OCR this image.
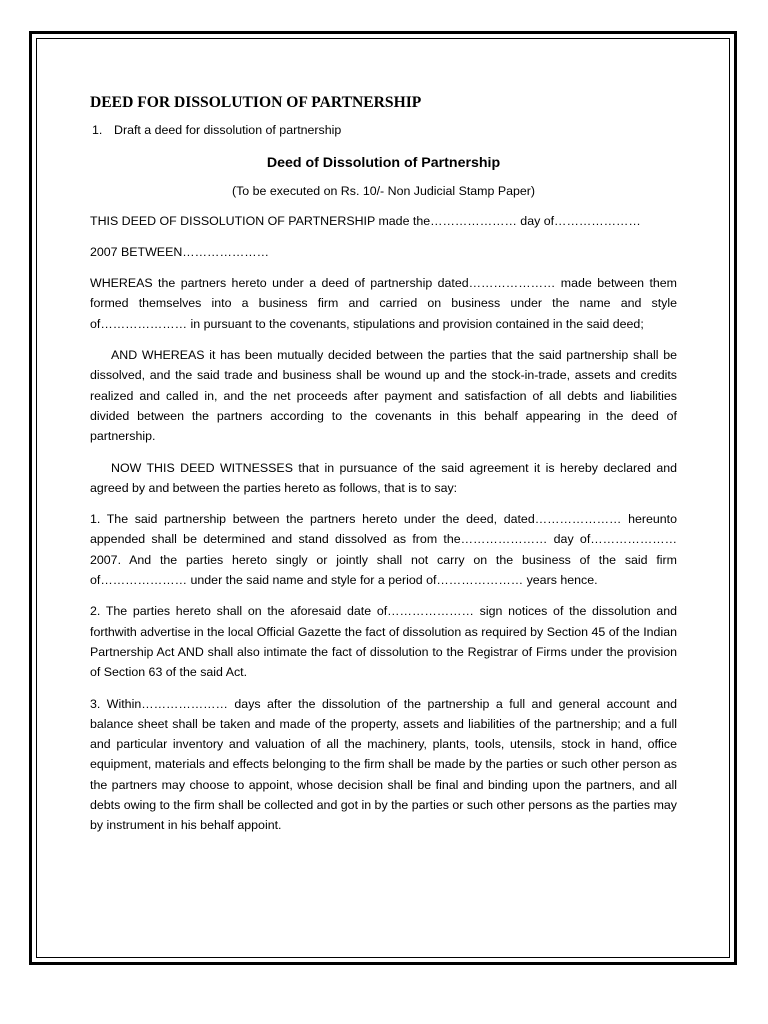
DEED FOR DISSOLUTION OF PARTNERSHIP
1. Draft a deed for dissolution of partnership
Deed of Dissolution of Partnership
(To be executed on Rs. 10/- Non Judicial Stamp Paper)

THIS DEED OF DISSOLUTION OF PARTNERSHIP made the………………… day of…………………

2007 BETWEEN…………………

WHEREAS the partners hereto under a deed of partnership dated………………… made between them formed themselves into a business firm and carried on business under the name and style of………………… in pursuant to the covenants, stipulations and provision contained in the said deed;

AND WHEREAS it has been mutually decided between the parties that the said partnership shall be dissolved, and the said trade and business shall be wound up and the stock-in-trade, assets and credits realized and called in, and the net proceeds after payment and satisfaction of all debts and liabilities divided between the partners according to the covenants in this behalf appearing in the deed of partnership.

NOW THIS DEED WITNESSES that in pursuance of the said agreement it is hereby declared and agreed by and between the parties hereto as follows, that is to say:

1. The said partnership between the partners hereto under the deed, dated………………… hereunto appended shall be determined and stand dissolved as from the………………… day of………………… 2007. And the parties hereto singly or jointly shall not carry on the business of the said firm of………………… under the said name and style for a period of………………… years hence.

2. The parties hereto shall on the aforesaid date of………………… sign notices of the dissolution and forthwith advertise in the local Official Gazette the fact of dissolution as required by Section 45 of the Indian Partnership Act AND shall also intimate the fact of dissolution to the Registrar of Firms under the provision of Section 63 of the said Act.

3. Within………………… days after the dissolution of the partnership a full and general account and balance sheet shall be taken and made of the property, assets and liabilities of the partnership; and a full and particular inventory and valuation of all the machinery, plants, tools, utensils, stock in hand, office equipment, materials and effects belonging to the firm shall be made by the parties or such other person as the partners may choose to appoint, whose decision shall be final and binding upon the partners, and all debts owing to the firm shall be collected and got in by the parties or such other persons as the parties may by instrument in his behalf appoint.
